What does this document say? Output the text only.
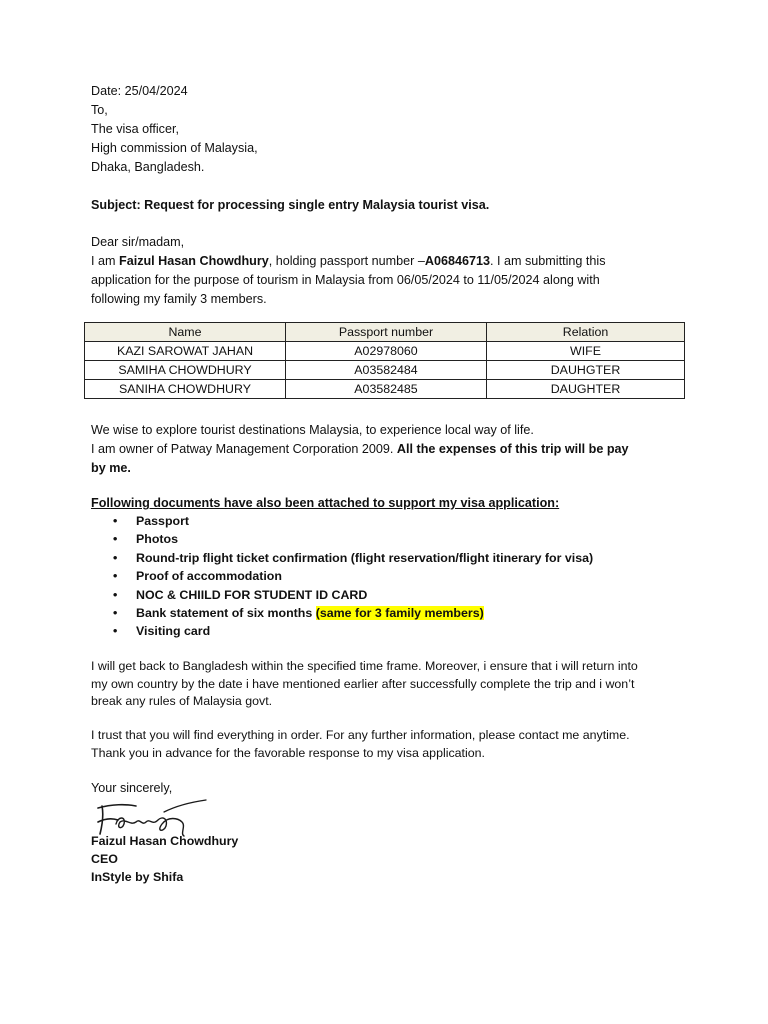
Date: 25/04/2024
To,
The visa officer,
High commission of Malaysia,
Dhaka, Bangladesh.
Subject: Request for processing single entry Malaysia tourist visa.
Dear sir/madam,
I am Faizul Hasan Chowdhury, holding passport number –A06846713. I am submitting this
application for the purpose of tourism in Malaysia from 06/05/2024 to 11/05/2024 along with
following my family 3 members.
Name	Passport number	Relation
KAZI SAROWAT JAHAN	A02978060	WIFE
SAMIHA CHOWDHURY	A03582484	DAUHGTER
SANIHA CHOWDHURY	A03582485	DAUGHTER
We wise to explore tourist destinations Malaysia, to experience local way of life.
I am owner of Patway Management Corporation 2009. All the expenses of this trip will be pay
by me.
Following documents have also been attached to support my visa application:
• Passport
• Photos
• Round-trip flight ticket confirmation (flight reservation/flight itinerary for visa)
• Proof of accommodation
• NOC & CHIILD FOR STUDENT ID CARD
• Bank statement of six months (same for 3 family members)
• Visiting card
I will get back to Bangladesh within the specified time frame. Moreover, i ensure that i will return into
my own country by the date i have mentioned earlier after successfully complete the trip and i won’t
break any rules of Malaysia govt.
I trust that you will find everything in order. For any further information, please contact me anytime.
Thank you in advance for the favorable response to my visa application.
Your sincerely,
Faizul Hasan Chowdhury
CEO
InStyle by Shifa
